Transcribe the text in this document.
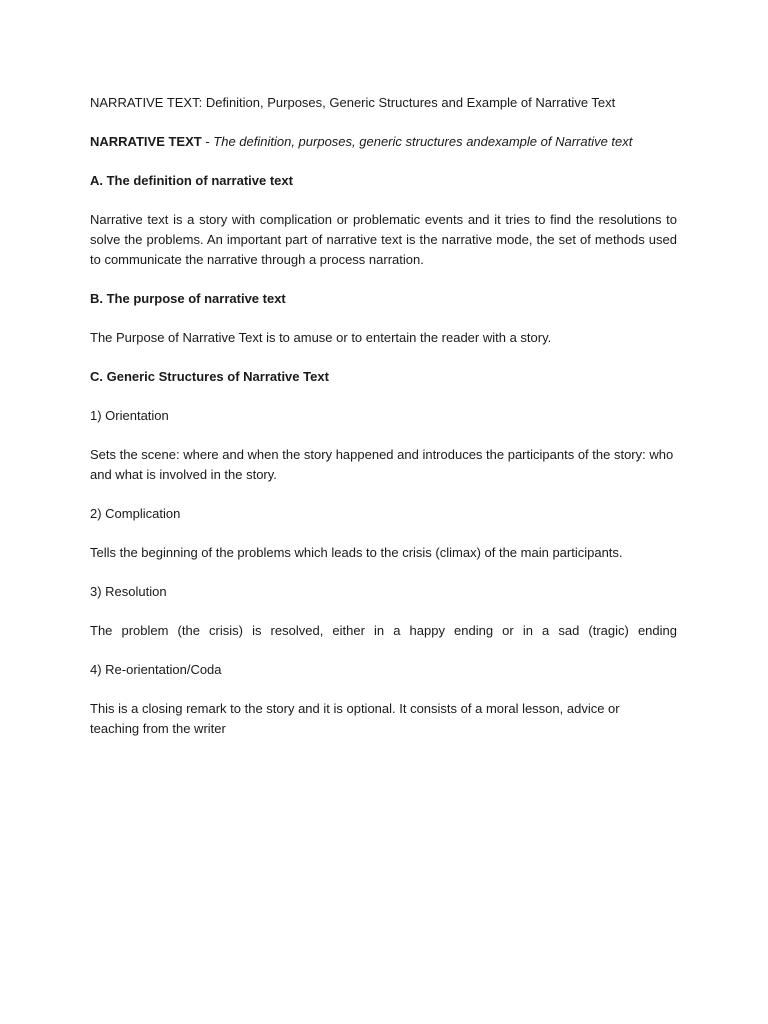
NARRATIVE TEXT: Definition, Purposes, Generic Structures and Example of Narrative Text

NARRATIVE TEXT - The definition, purposes, generic structures andexample of Narrative text

A. The definition of narrative text

Narrative text is a story with complication or problematic events and it tries to find the resolutions to solve the problems. An important part of narrative text is the narrative mode, the set of methods used to communicate the narrative through a process narration.

B. The purpose of narrative text

The Purpose of Narrative Text is to amuse or to entertain the reader with a story.

C. Generic Structures of Narrative Text

1) Orientation

Sets the scene: where and when the story happened and introduces the participants of the story: who and what is involved in the story.

2) Complication

Tells the beginning of the problems which leads to the crisis (climax) of the main participants.

3) Resolution

The problem (the crisis) is resolved, either in a happy ending or in a sad (tragic) ending

4) Re-orientation/Coda

This is a closing remark to the story and it is optional. It consists of a moral lesson, advice or teaching from the writer
